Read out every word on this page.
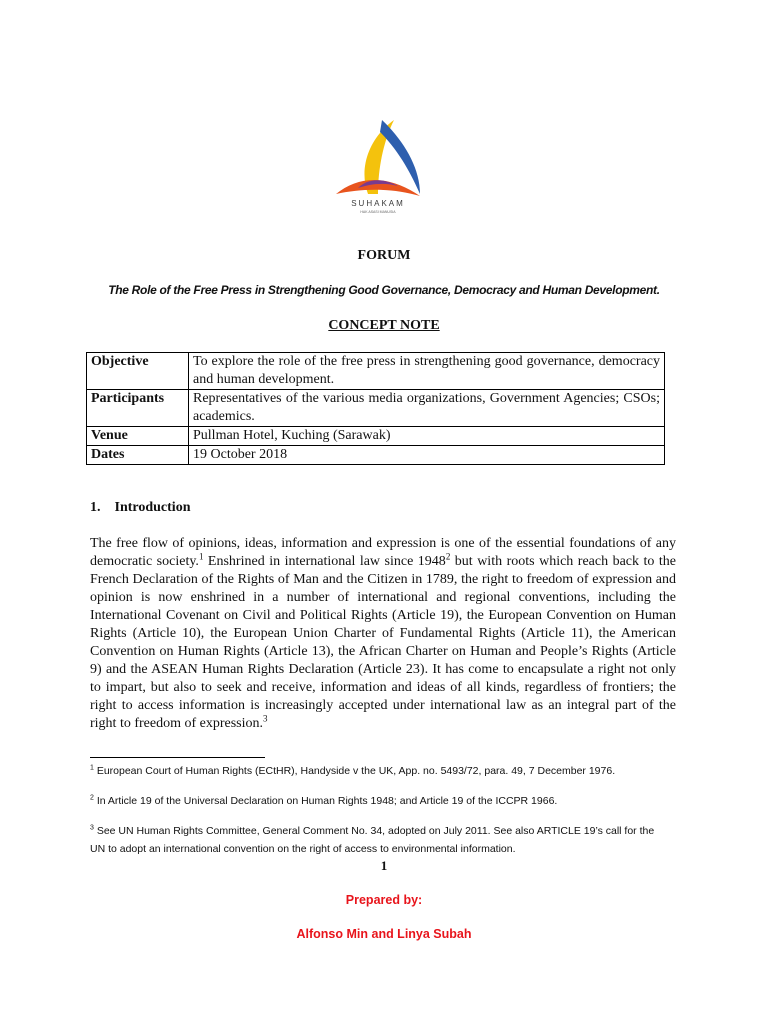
SUHAKAM
HAK ASASI MANUSIA
FORUM
The Role of the Free Press in Strengthening Good Governance, Democracy and Human Development.
CONCEPT NOTE
Objective	To explore the role of the free press in strengthening good governance, democracy and human development.
Participants	Representatives of the various media organizations, Government Agencies; CSOs; academics.
Venue	Pullman Hotel, Kuching (Sarawak)
Dates	19 October 2018
1. Introduction
The free flow of opinions, ideas, information and expression is one of the essential foundations of any democratic society.$^1$ Enshrined in international law since 1948$^2$ but with roots which reach back to the French Declaration of the Rights of Man and the Citizen in 1789, the right to freedom of expression and opinion is now enshrined in a number of international and regional conventions, including the International Covenant on Civil and Political Rights (Article 19), the European Convention on Human Rights (Article 10), the European Union Charter of Fundamental Rights (Article 11), the American Convention on Human Rights (Article 13), the African Charter on Human and People’s Rights (Article 9) and the ASEAN Human Rights Declaration (Article 23). It has come to encapsulate a right not only to impart, but also to seek and receive, information and ideas of all kinds, regardless of frontiers; the right to access information is increasingly accepted under international law as an integral part of the right to freedom of expression.$^3$
$^1$ European Court of Human Rights (ECtHR), Handyside v the UK, App. no. 5493/72, para. 49, 7 December 1976.
$^2$ In Article 19 of the Universal Declaration on Human Rights 1948; and Article 19 of the ICCPR 1966.
$^3$ See UN Human Rights Committee, General Comment No. 34, adopted on July 2011. See also ARTICLE 19’s call for the UN to adopt an international convention on the right of access to environmental information.
1
Prepared by:
Alfonso Min and Linya Subah
